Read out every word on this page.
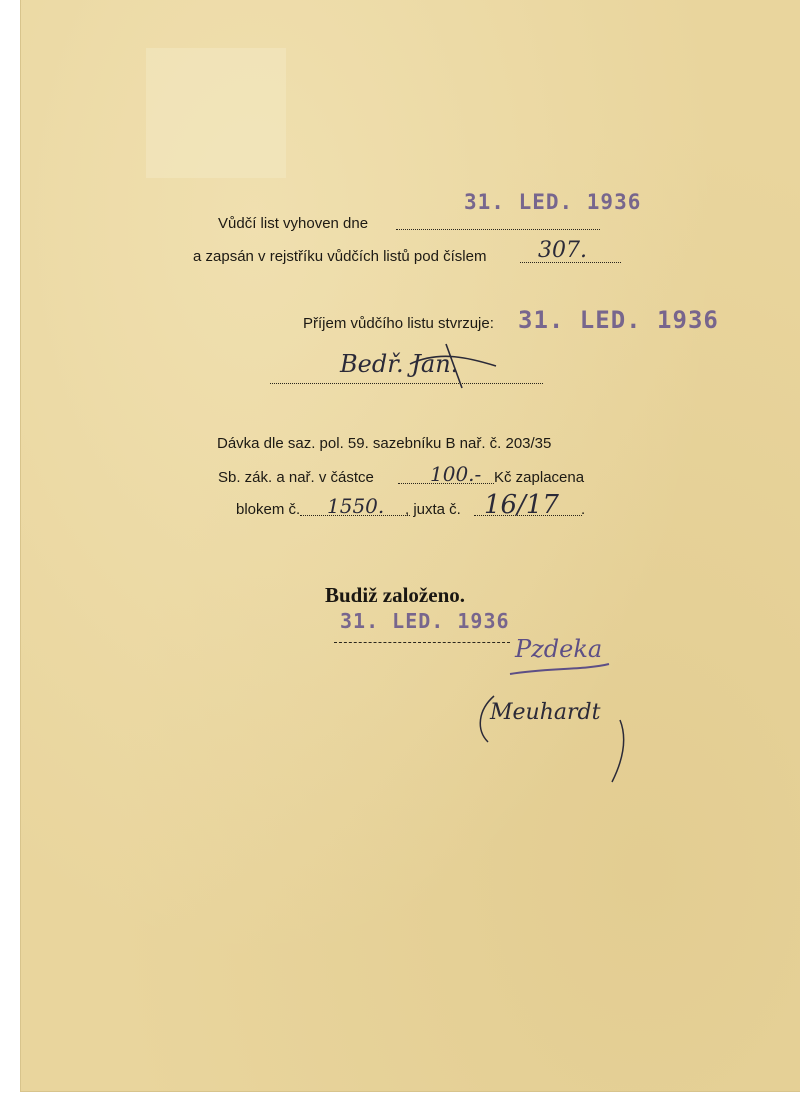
Vůdčí list vyhoven dne
31. LED. 1936
a zapsán v rejstříku vůdčích listů pod číslem 307.
Příjem vůdčího listu stvrzuje: 31. LED. 1936
Bedř. Jan.
Dávka dle saz. pol. 59. sazebníku B nař. č. 203/35
Sb. zák. a nař. v částce	100.- Kč zaplacena
blokem č. 1550. , juxta č. 16/17 .
Budiž založeno.
31. LED. 1936
Pzdeka
Meuhardt
